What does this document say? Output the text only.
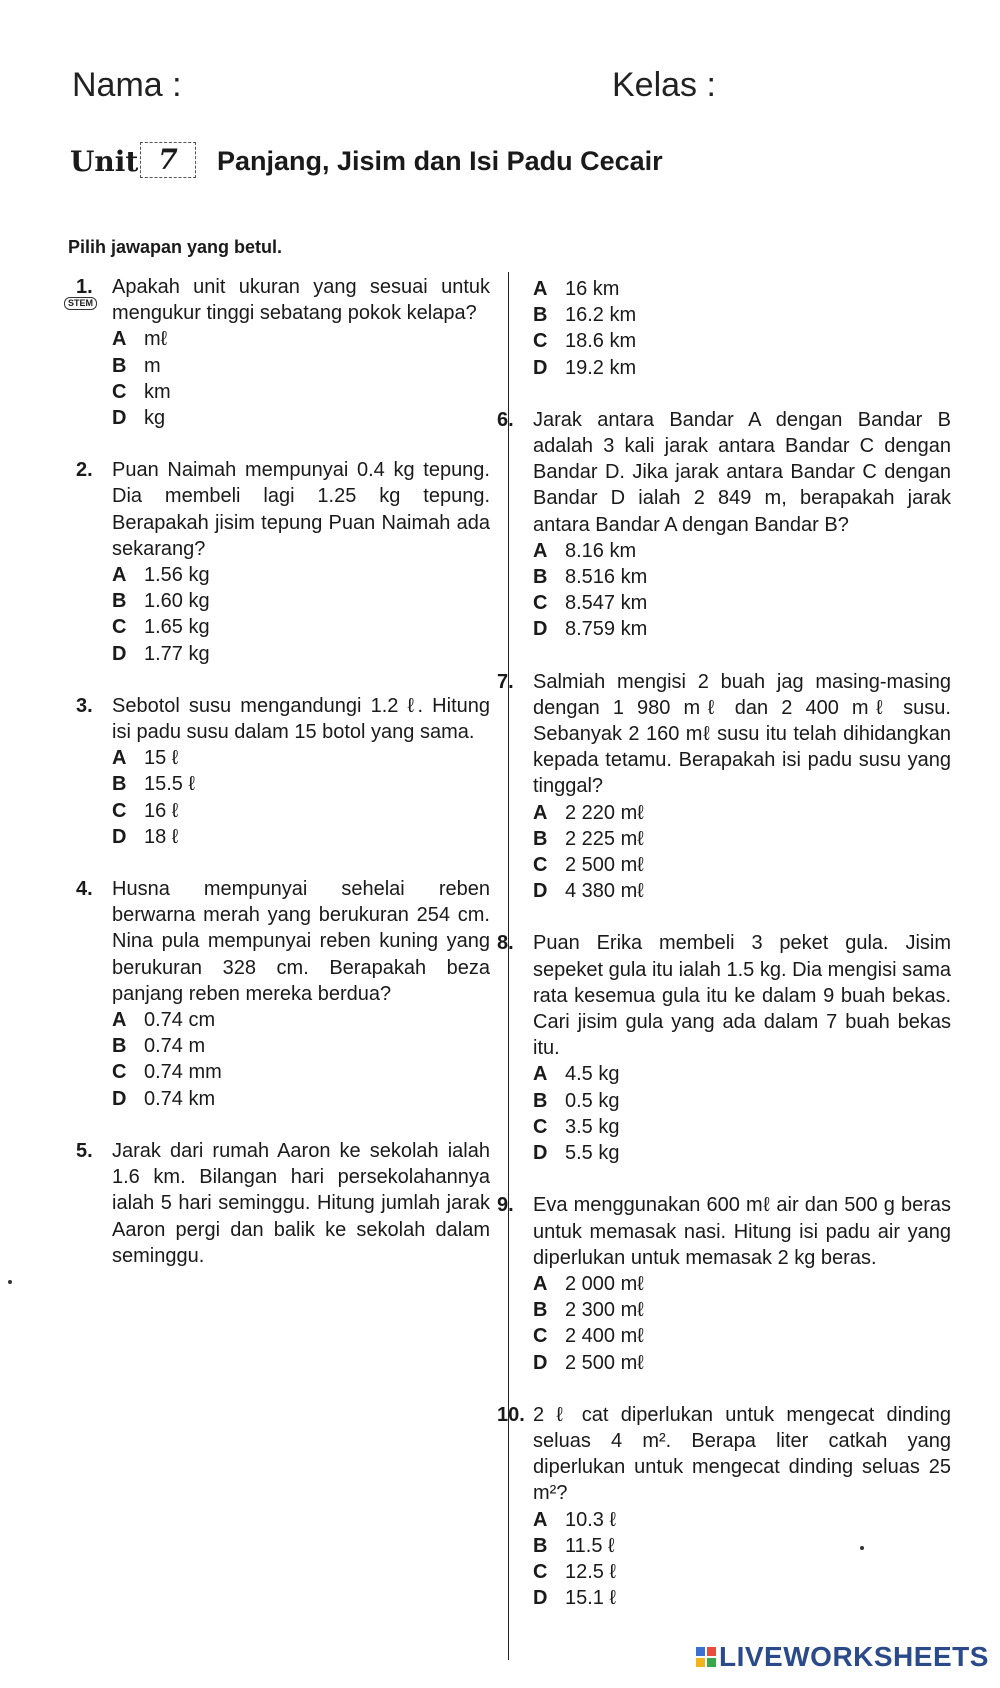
Nama :	Kelas :
Unit 7	Panjang, Jisim dan Isi Padu Cecair
Pilih jawapan yang betul.
STEM
1. Apakah unit ukuran yang sesuai untuk mengukur tinggi sebatang pokok kelapa?
A mℓ
B m
C km
D kg
2. Puan Naimah mempunyai 0.4 kg tepung. Dia membeli lagi 1.25 kg tepung. Berapakah jisim tepung Puan Naimah ada sekarang?
A 1.56 kg
B 1.60 kg
C 1.65 kg
D 1.77 kg
3. Sebotol susu mengandungi 1.2 ℓ. Hitung isi padu susu dalam 15 botol yang sama.
A 15 ℓ
B 15.5 ℓ
C 16 ℓ
D 18 ℓ
4. Husna mempunyai sehelai reben berwarna merah yang berukuran 254 cm. Nina pula mempunyai reben kuning yang berukuran 328 cm. Berapakah beza panjang reben mereka berdua?
A 0.74 cm
B 0.74 m
C 0.74 mm
D 0.74 km
5. Jarak dari rumah Aaron ke sekolah ialah 1.6 km. Bilangan hari persekolahannya ialah 5 hari seminggu. Hitung jumlah jarak Aaron pergi dan balik ke sekolah dalam seminggu.
A 16 km
B 16.2 km
C 18.6 km
D 19.2 km
6. Jarak antara Bandar A dengan Bandar B adalah 3 kali jarak antara Bandar C dengan Bandar D. Jika jarak antara Bandar C dengan Bandar D ialah 2 849 m, berapakah jarak antara Bandar A dengan Bandar B?
A 8.16 km
B 8.516 km
C 8.547 km
D 8.759 km
7. Salmiah mengisi 2 buah jag masing-masing dengan 1 980 mℓ dan 2 400 mℓ susu. Sebanyak 2 160 mℓ susu itu telah dihidangkan kepada tetamu. Berapakah isi padu susu yang tinggal?
A 2 220 mℓ
B 2 225 mℓ
C 2 500 mℓ
D 4 380 mℓ
8. Puan Erika membeli 3 peket gula. Jisim sepeket gula itu ialah 1.5 kg. Dia mengisi sama rata kesemua gula itu ke dalam 9 buah bekas. Cari jisim gula yang ada dalam 7 buah bekas itu.
A 4.5 kg
B 0.5 kg
C 3.5 kg
D 5.5 kg
9. Eva menggunakan 600 mℓ air dan 500 g beras untuk memasak nasi. Hitung isi padu air yang diperlukan untuk memasak 2 kg beras.
A 2 000 mℓ
B 2 300 mℓ
C 2 400 mℓ
D 2 500 mℓ
10. 2 ℓ cat diperlukan untuk mengecat dinding seluas 4 m². Berapa liter catkah yang diperlukan untuk mengecat dinding seluas 25 m²?
A 10.3 ℓ
B 11.5 ℓ
C 12.5 ℓ
D 15.1 ℓ
LIVEWORKSHEETS
